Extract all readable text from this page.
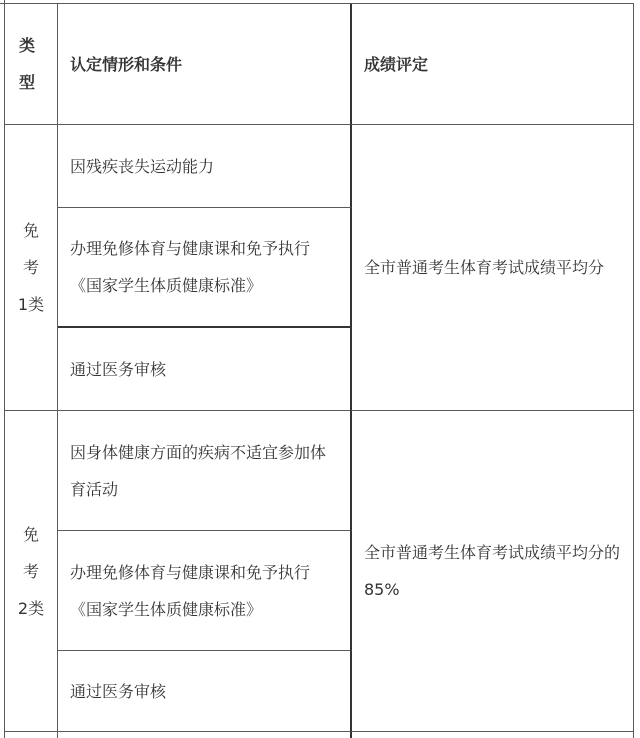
类
型
认定情形和条件	成绩评定
免
考
1类
因残疾丧失运动能力
办理免修体育与健康课和免予执行《国家学生体质健康标准》
通过医务审核
全市普通考生体育考试成绩平均分
免
考
2类
因身体健康方面的疾病不适宜参加体育活动
办理免修体育与健康课和免予执行《国家学生体质健康标准》
通过医务审核
全市普通考生体育考试成绩平均分的85%
